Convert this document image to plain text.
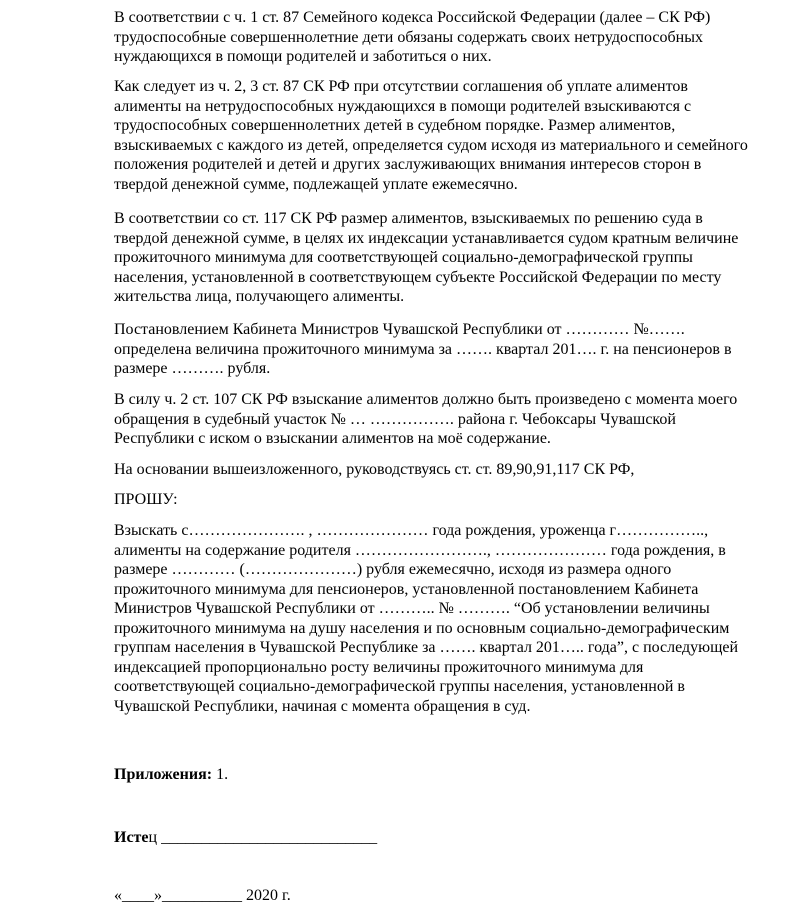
В соответствии с ч. 1 ст. 87 Семейного кодекса Российской Федерации (далее – СК РФ) трудоспособные совершеннолетние дети обязаны содержать своих нетрудоспособных нуждающихся в помощи родителей и заботиться о них.

Как следует из ч. 2, 3 ст. 87 СК РФ при отсутствии соглашения об уплате алиментов алименты на нетрудоспособных нуждающихся в помощи родителей взыскиваются с трудоспособных совершеннолетних детей в судебном порядке. Размер алиментов, взыскиваемых с каждого из детей, определяется судом исходя из материального и семейного положения родителей и детей и других заслуживающих внимания интересов сторон в твердой денежной сумме, подлежащей уплате ежемесячно.

В соответствии со ст. 117 СК РФ размер алиментов, взыскиваемых по решению суда в твердой денежной сумме, в целях их индексации устанавливается судом кратным величине прожиточного минимума для соответствующей социально-демографической группы населения, установленной в соответствующем субъекте Российской Федерации по месту жительства лица, получающего алименты.

Постановлением Кабинета Министров Чувашской Республики от ………… №……. определена величина прожиточного минимума за ……. квартал 201…. г. на пенсионеров в размере ………. рубля.

В силу ч. 2 ст. 107 СК РФ взыскание алиментов должно быть произведено с момента моего обращения в судебный участок № … ……………. района г. Чебоксары Чувашской Республики с иском о взыскании алиментов на моё содержание.

На основании вышеизложенного, руководствуясь ст. ст. 89,90,91,117 СК РФ,

ПРОШУ:

Взыскать с…………………. , ………………… года рождения, уроженца г…………….., алименты на содержание родителя ……………………., ………………… года рождения, в размере ………… (…………………) рубля ежемесячно, исходя из размера одного прожиточного минимума для пенсионеров, установленной постановлением Кабинета Министров Чувашской Республики от ……….. № ………. “Об установлении величины прожиточного минимума на душу населения и по основным социально-демографическим группам населения в Чувашской Республике за ……. квартал 201….. года”, с последующей индексацией пропорционально росту величины прожиточного минимума для соответствующей социально-демографической группы населения, установленной в Чувашской Республики, начиная с момента обращения в суд.

Приложения: 1.

Истец ___________________________

«____»__________ 2020 г.
